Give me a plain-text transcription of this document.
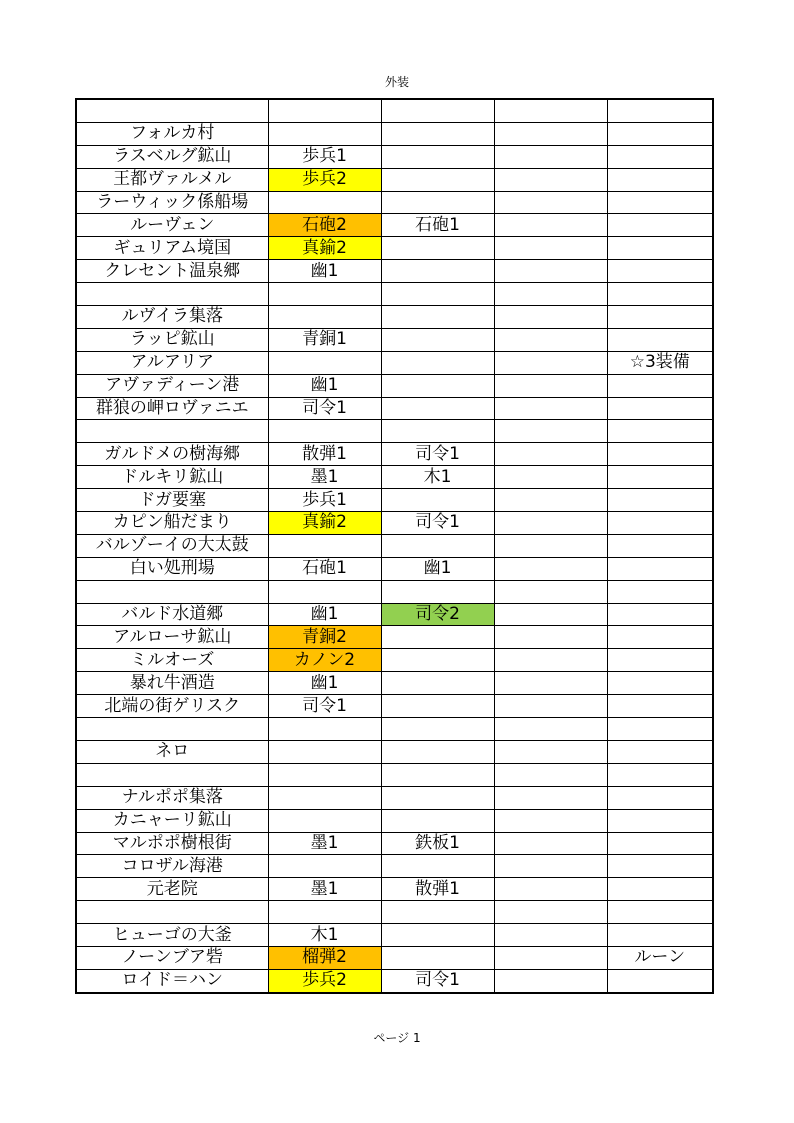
外装

フォルカ村				
ラスベルグ鉱山	歩兵1			
王都ヴァルメル	歩兵2			
ラーウィック係船場				
ルーヴェン	石砲2	石砲1		
ギュリアム境国	真鍮2			
クレセント温泉郷	幽1			

ルヴイラ集落				
ラッピ鉱山	青銅1			
アルアリア				☆3装備
アヴァディーン港	幽1			
群狼の岬ロヴァニエ	司令1			

ガルドメの樹海郷	散弾1	司令1		
ドルキリ鉱山	墨1	木1		
ドガ要塞	歩兵1			
カピン船だまり	真鍮2	司令1		
バルゾーイの大太鼓				
白い処刑場	石砲1	幽1		

バルド水道郷	幽1	司令2		
アルローサ鉱山	青銅2			
ミルオーズ	カノン2			
暴れ牛酒造	幽1			
北端の街ゲリスク	司令1			

ネロ				

ナルポポ集落				
カニャーリ鉱山				
マルポポ樹根街	墨1	鉄板1		
コロザル海港				
元老院	墨1	散弾1		

ヒューゴの大釜	木1			
ノーンブア砦	榴弾2			ルーン
ロイド＝ハン	歩兵2	司令1		
ページ 1
